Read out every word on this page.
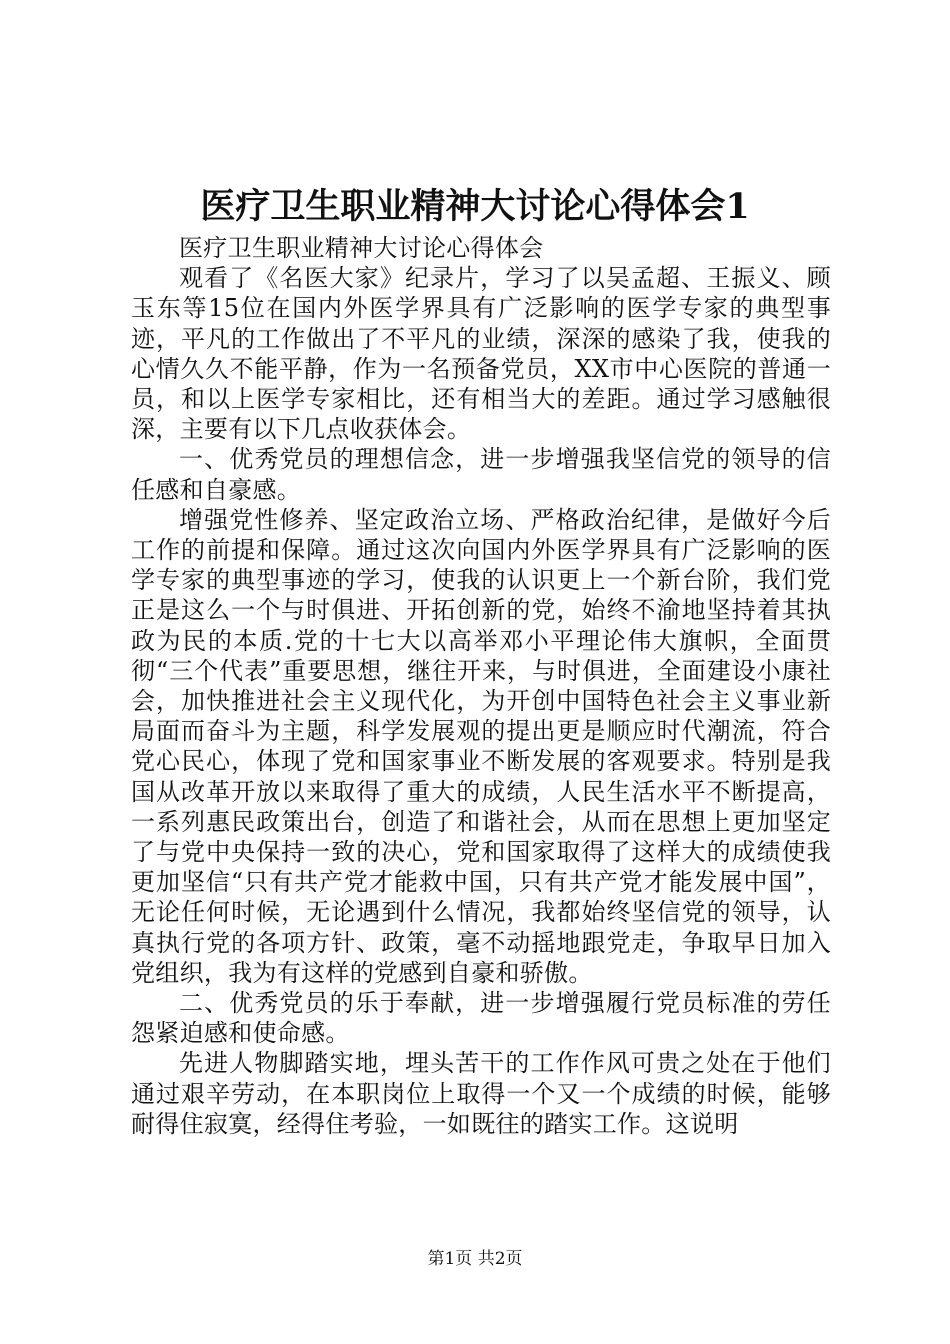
医疗卫生职业精神大讨论心得体会1

医疗卫生职业精神大讨论心得体会

观看了《名医大家》纪录片，学习了以吴孟超、王振义、顾玉东等15位在国内外医学界具有广泛影响的医学专家的典型事迹，平凡的工作做出了不平凡的业绩，深深的感染了我，使我的心情久久不能平静，作为一名预备党员，XX市中心医院的普通一员，和以上医学专家相比，还有相当大的差距。通过学习感触很深，主要有以下几点收获体会。

一、优秀党员的理想信念，进一步增强我坚信党的领导的信任感和自豪感。

增强党性修养、坚定政治立场、严格政治纪律，是做好今后工作的前提和保障。通过这次向国内外医学界具有广泛影响的医学专家的典型事迹的学习，使我的认识更上一个新台阶，我们党正是这么一个与时俱进、开拓创新的党，始终不渝地坚持着其执政为民的本质.党的十七大以高举邓小平理论伟大旗帜，全面贯彻“三个代表”重要思想，继往开来，与时俱进，全面建设小康社会，加快推进社会主义现代化，为开创中国特色社会主义事业新局面而奋斗为主题，科学发展观的提出更是顺应时代潮流，符合党心民心，体现了党和国家事业不断发展的客观要求。特别是我国从改革开放以来取得了重大的成绩，人民生活水平不断提高，一系列惠民政策出台，创造了和谐社会，从而在思想上更加坚定了与党中央保持一致的决心，党和国家取得了这样大的成绩使我更加坚信“只有共产党才能救中国，只有共产党才能发展中国”，无论任何时候，无论遇到什么情况，我都始终坚信党的领导，认真执行党的各项方针、政策，毫不动摇地跟党走，争取早日加入党组织，我为有这样的党感到自豪和骄傲。

二、优秀党员的乐于奉献，进一步增强履行党员标准的劳任怨紧迫感和使命感。

先进人物脚踏实地，埋头苦干的工作作风可贵之处在于他们通过艰辛劳动，在本职岗位上取得一个又一个成绩的时候，能够耐得住寂寞，经得住考验，一如既往的踏实工作。这说明

第1页 共2页
